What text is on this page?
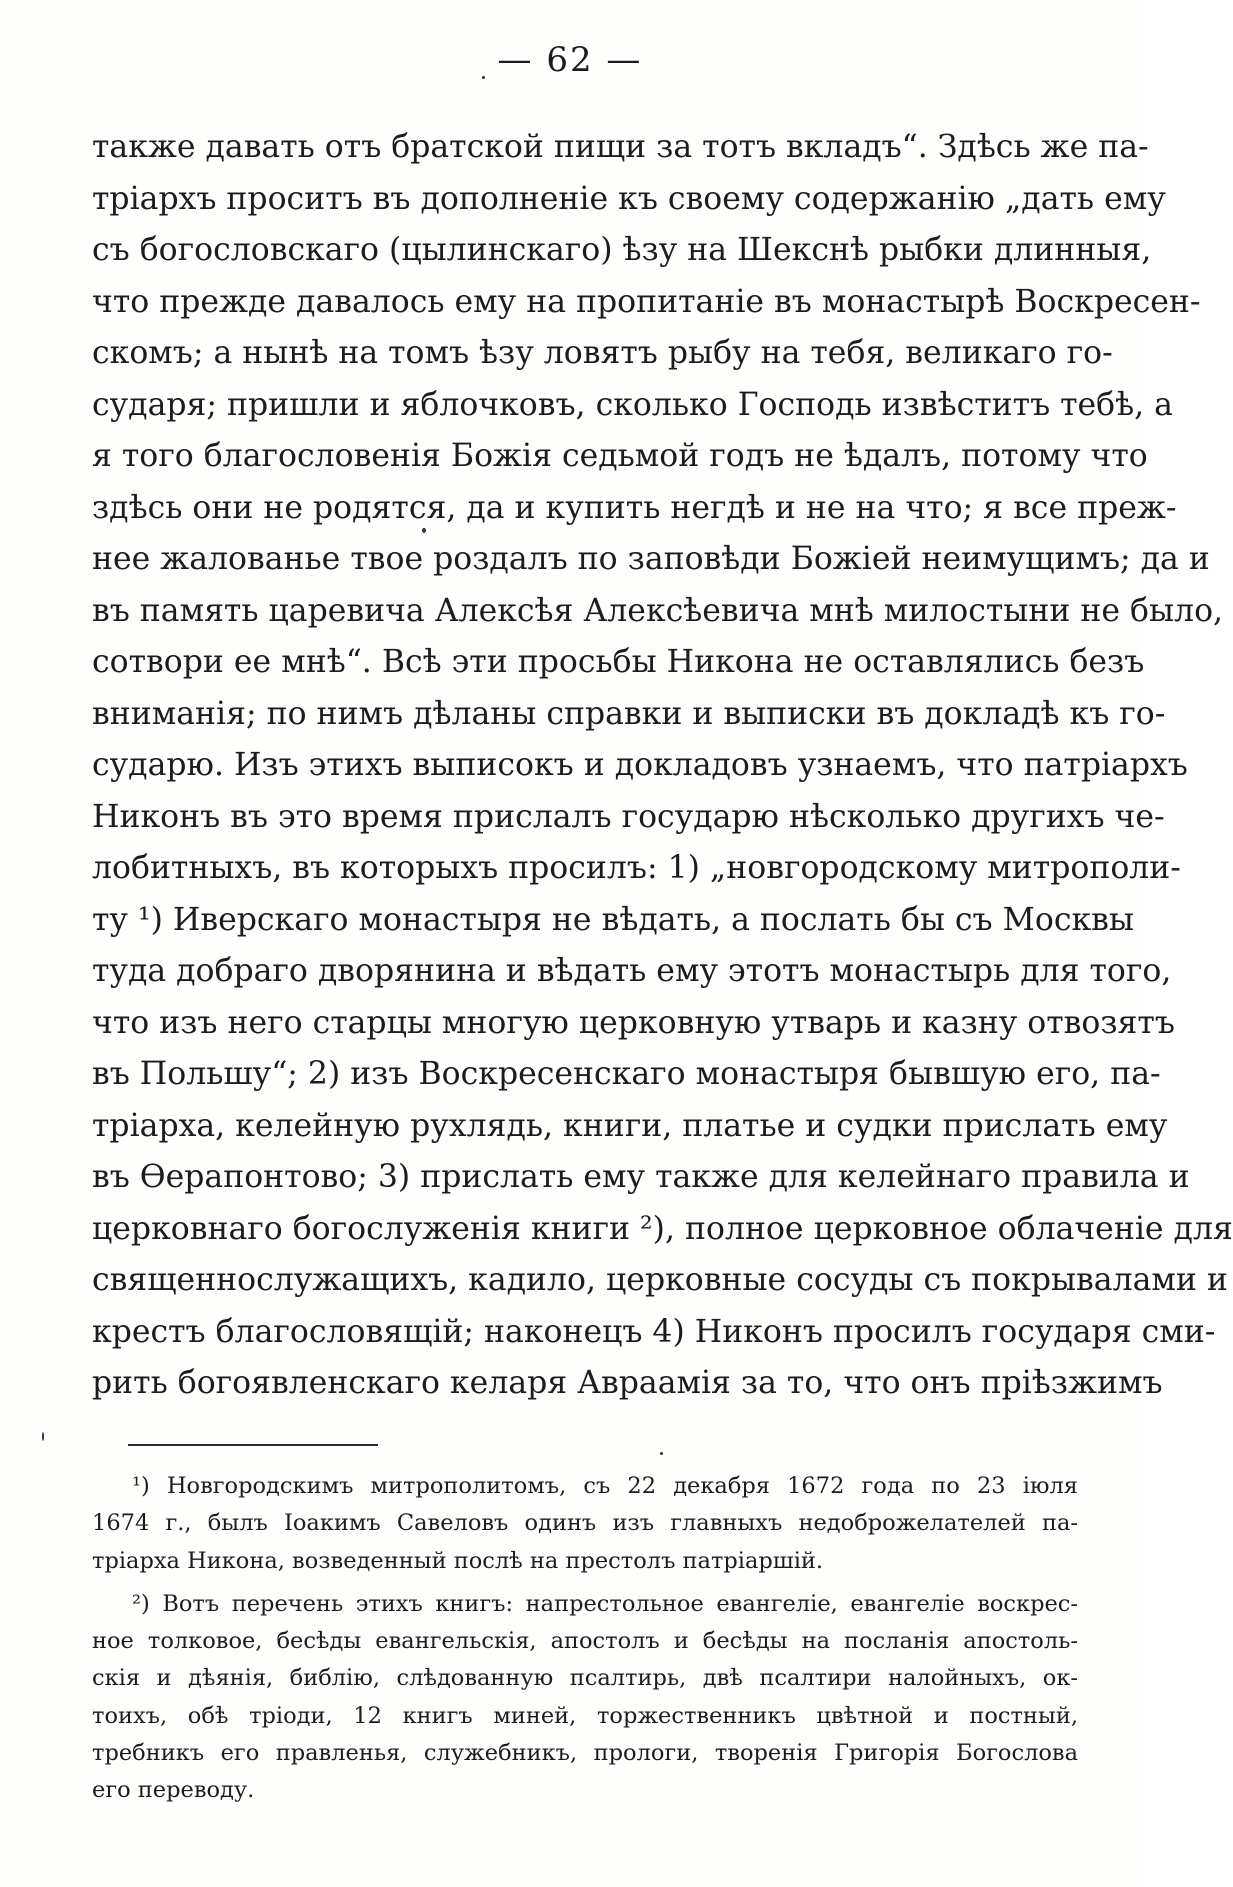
— 62 —
также давать отъ братской пищи за тотъ вкладъ“. Здѣсь же па-
тріархъ проситъ въ дополненіе къ своему содержанію „дать ему
съ богословскаго (цылинскаго) ѣзу на Шекснѣ рыбки длинныя,
что прежде давалось ему на пропитаніе въ монастырѣ Воскресен-
скомъ; а нынѣ на томъ ѣзу ловятъ рыбу на тебя, великаго го-
сударя; пришли и яблочковъ, сколько Господь извѣститъ тебѣ, а
я того благословенія Божія седьмой годъ не ѣдалъ, потому что
здѣсь они не родятся, да и купить негдѣ и не на что; я все преж-
нее жалованье твое роздалъ по заповѣди Божіей неимущимъ; да и
въ память царевича Алексѣя Алексѣевича мнѣ милостыни не было,
сотвори ее мнѣ“. Всѣ эти просьбы Никона не оставлялись безъ
вниманія; по нимъ дѣланы справки и выписки въ докладѣ къ го-
сударю. Изъ этихъ выписокъ и докладовъ узнаемъ, что патріархъ
Никонъ въ это время прислалъ государю нѣсколько другихъ че-
лобитныхъ, въ которыхъ просилъ: 1) „новгородскому митрополи-
ту ¹) Иверскаго монастыря не вѣдать, а послать бы съ Москвы
туда добраго дворянина и вѣдать ему этотъ монастырь для того,
что изъ него старцы многую церковную утварь и казну отвозятъ
въ Польшу“; 2) изъ Воскресенскаго монастыря бывшую его, па-
тріарха, келейную рухлядь, книги, платье и судки прислать ему
въ Ѳерапонтово; 3) прислать ему также для келейнаго правила и
церковнаго богослуженія книги ²), полное церковное облаченіе для
священнослужащихъ, кадило, церковные сосуды съ покрывалами и
крестъ благословящій; наконецъ 4) Никонъ просилъ государя сми-
рить богоявленскаго келаря Авраамія за то, что онъ пріѣзжимъ
¹) Новгородскимъ митрополитомъ, съ 22 декабря 1672 года по 23 іюля
1674 г., былъ Іоакимъ Савеловъ одинъ изъ главныхъ недоброжелателей па-
тріарха Никона, возведенный послѣ на престолъ патріаршій.
²) Вотъ перечень этихъ книгъ: напрестольное евангеліе, евангеліе воскрес-
ное толковое, бесѣды евангельскія, апостолъ и бесѣды на посланія апостоль-
скія и дѣянія, библію, слѣдованную псалтирь, двѣ псалтири налойныхъ, ок-
тоихъ, обѣ тріоди, 12 книгъ миней, торжественникъ цвѣтной и постный,
требникъ его правленья, служебникъ, прологи, творенія Григорія Богослова
его переводу.
